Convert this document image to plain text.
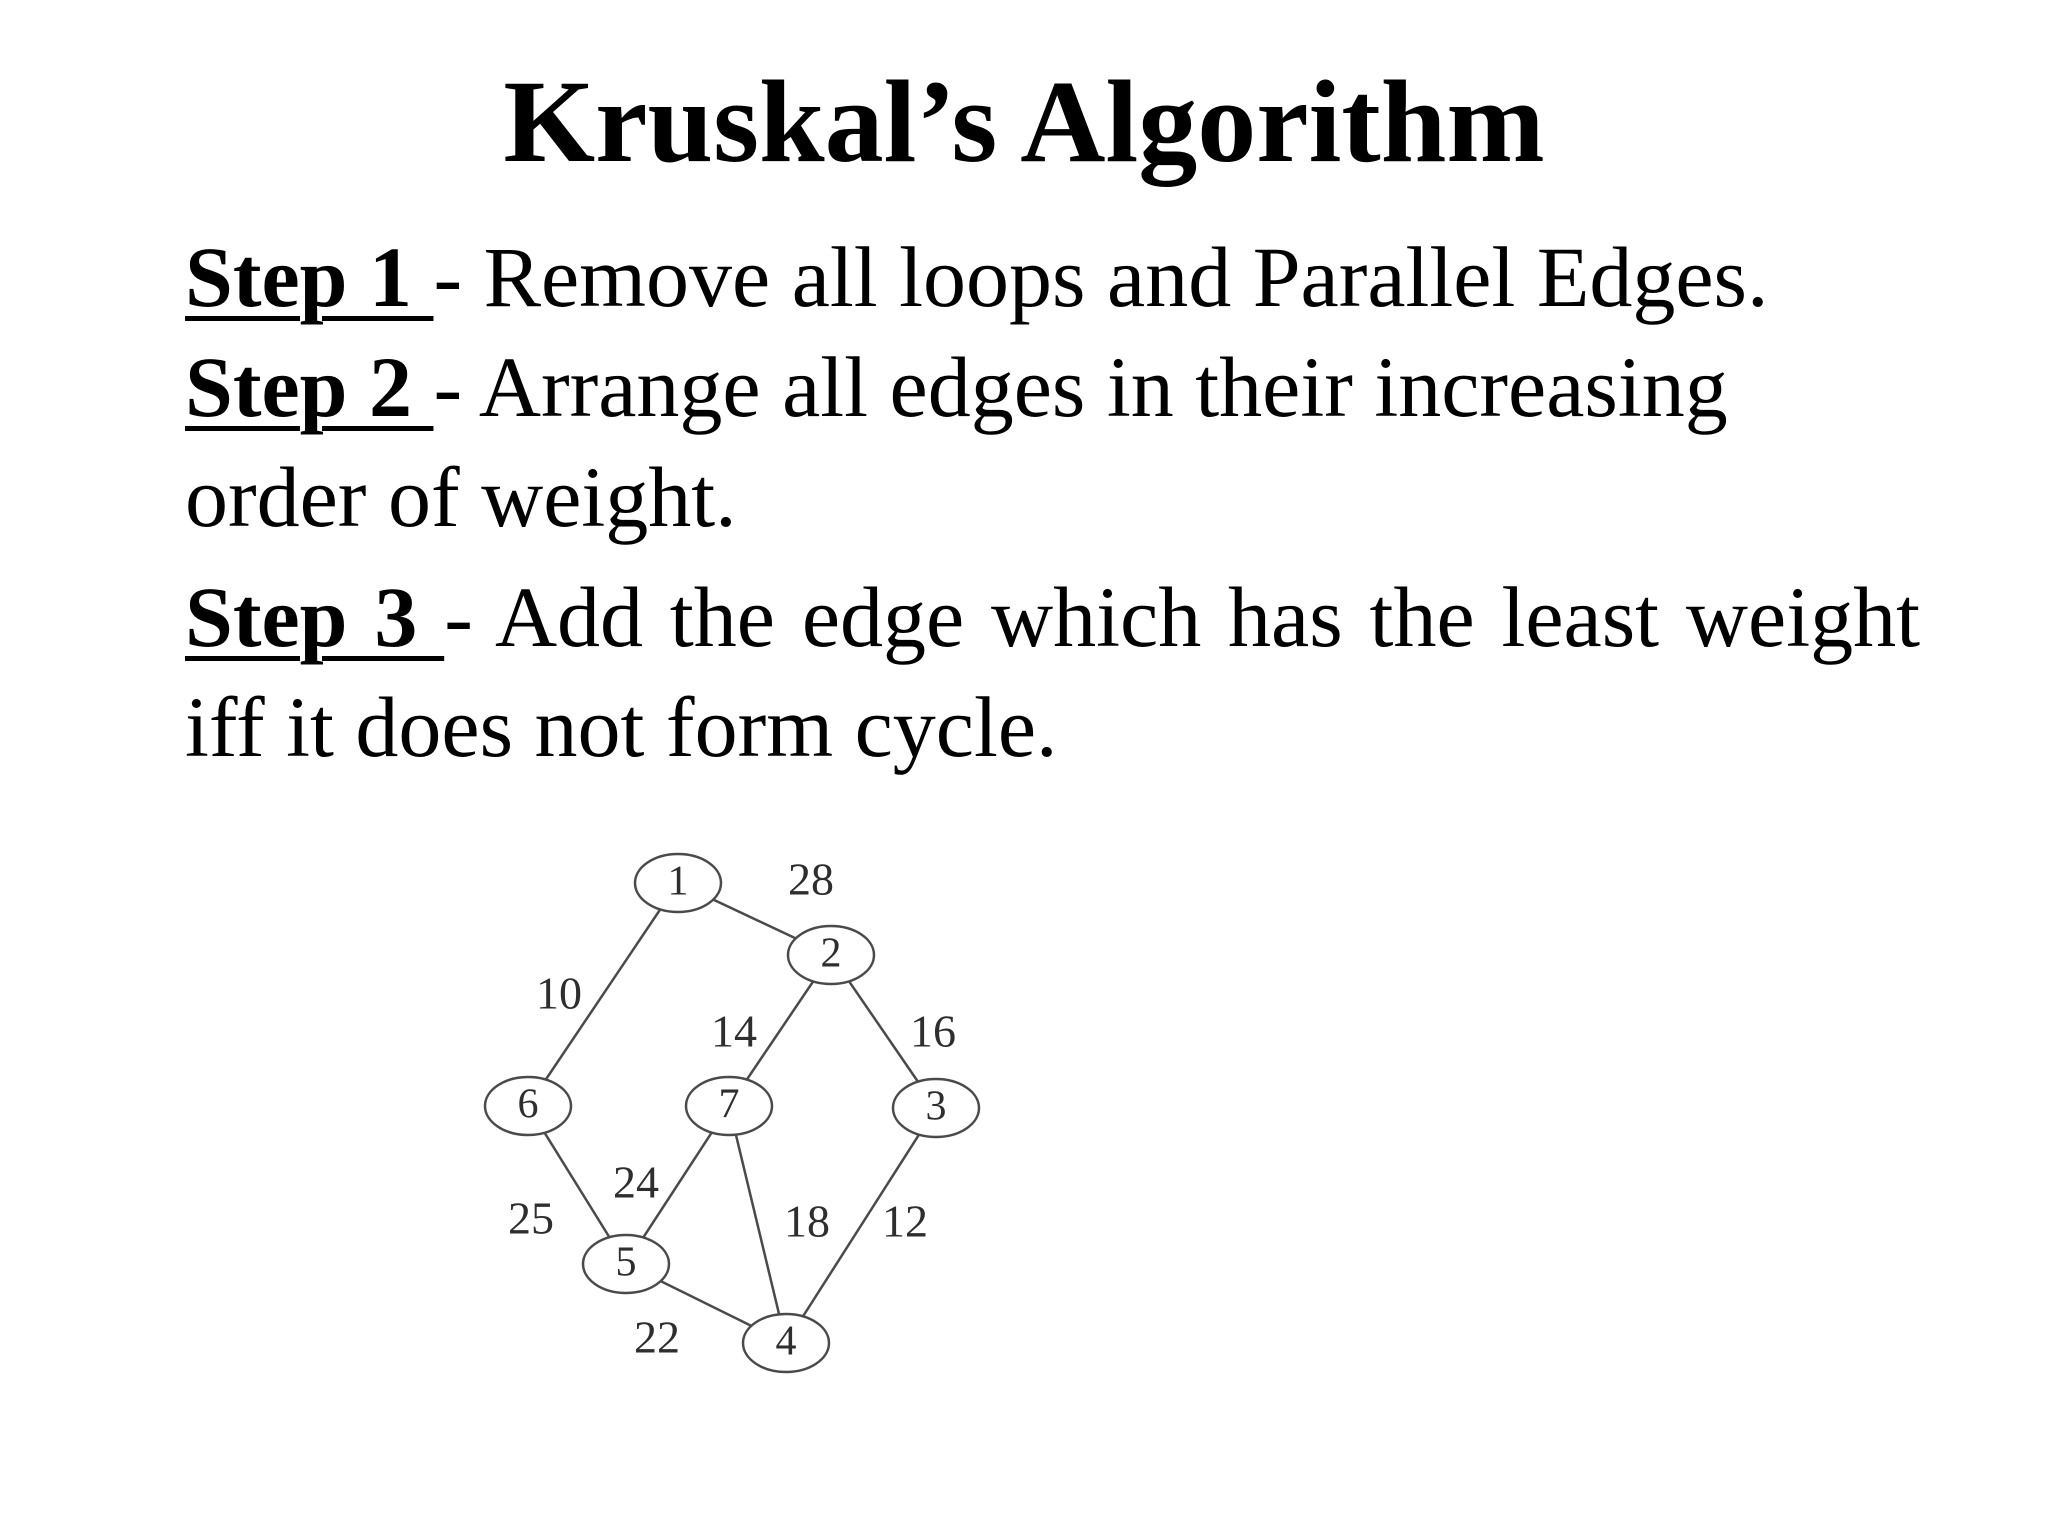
Kruskal’s Algorithm

Step 1 - Remove all loops and Parallel Edges.

Step 2 - Arrange all edges in their increasing order of weight.

Step 3 - Add the edge which has the least weight iff it does not form cycle.

1
2
3
4
5
6	7
10
28
14	16
25
24
18 12
22
